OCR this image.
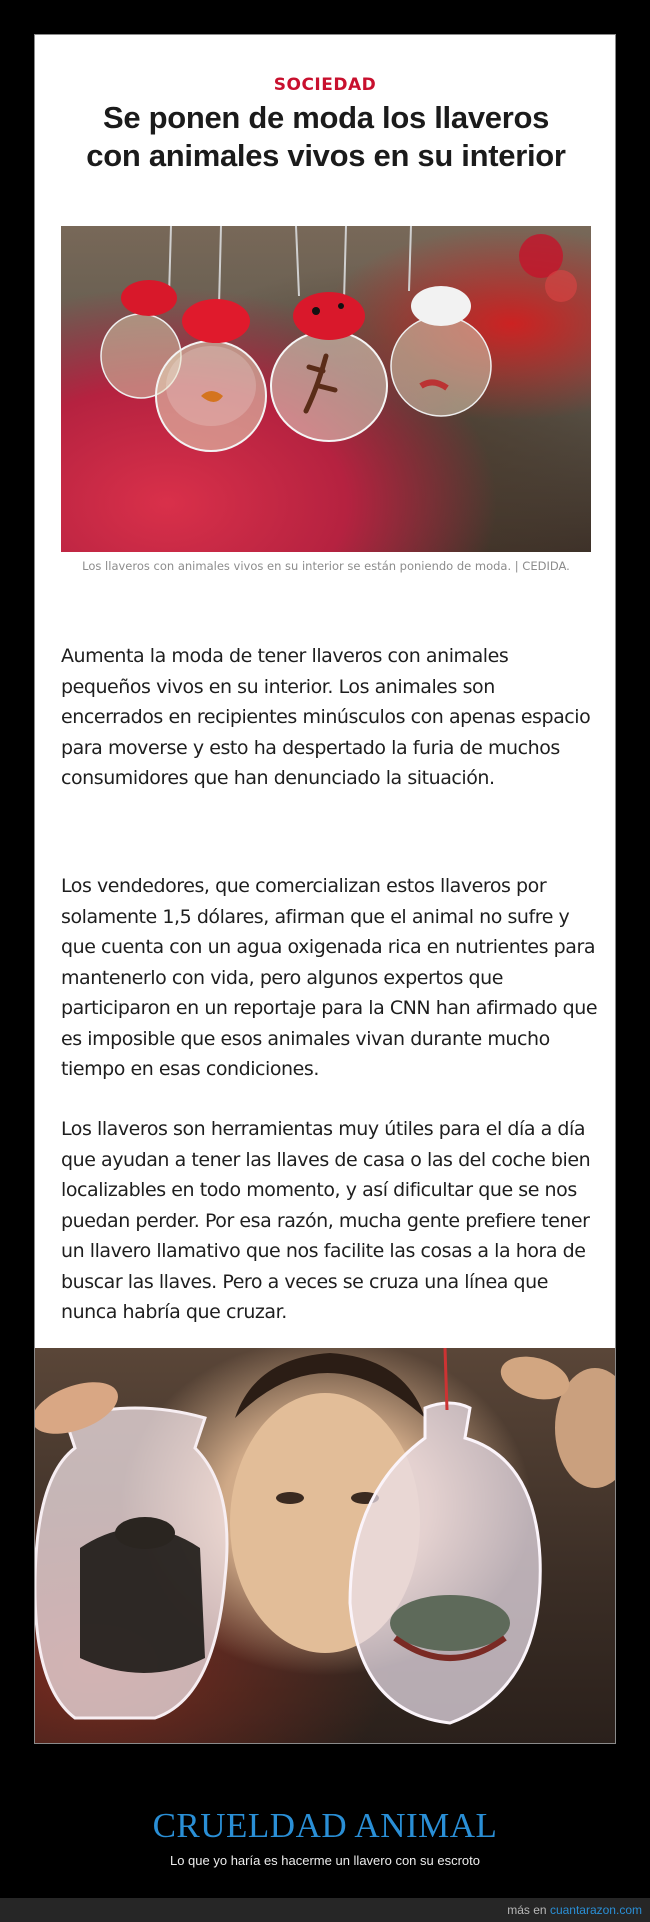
SOCIEDAD
Se ponen de moda los llaveros con animales vivos en su interior
Los llaveros con animales vivos en su interior se están poniendo de moda. | CEDIDA.

Aumenta la moda de tener llaveros con animales pequeños vivos en su interior. Los animales son encerrados en recipientes minúsculos con apenas espacio para moverse y esto ha despertado la furia de muchos consumidores que han denunciado la situación.

Los vendedores, que comercializan estos llaveros por solamente 1,5 dólares, afirman que el animal no sufre y que cuenta con un agua oxigenada rica en nutrientes para mantenerlo con vida, pero algunos expertos que participaron en un reportaje para la CNN han afirmado que es imposible que esos animales vivan durante mucho tiempo en esas condiciones.

Los llaveros son herramientas muy útiles para el día a día que ayudan a tener las llaves de casa o las del coche bien localizables en todo momento, y así dificultar que se nos puedan perder. Por esa razón, mucha gente prefiere tener un llavero llamativo que nos facilite las cosas a la hora de buscar las llaves. Pero a veces se cruza una línea que nunca habría que cruzar.

CRUELDAD ANIMAL
Lo que yo haría es hacerme un llavero con su escroto
más en cuantarazon.com
